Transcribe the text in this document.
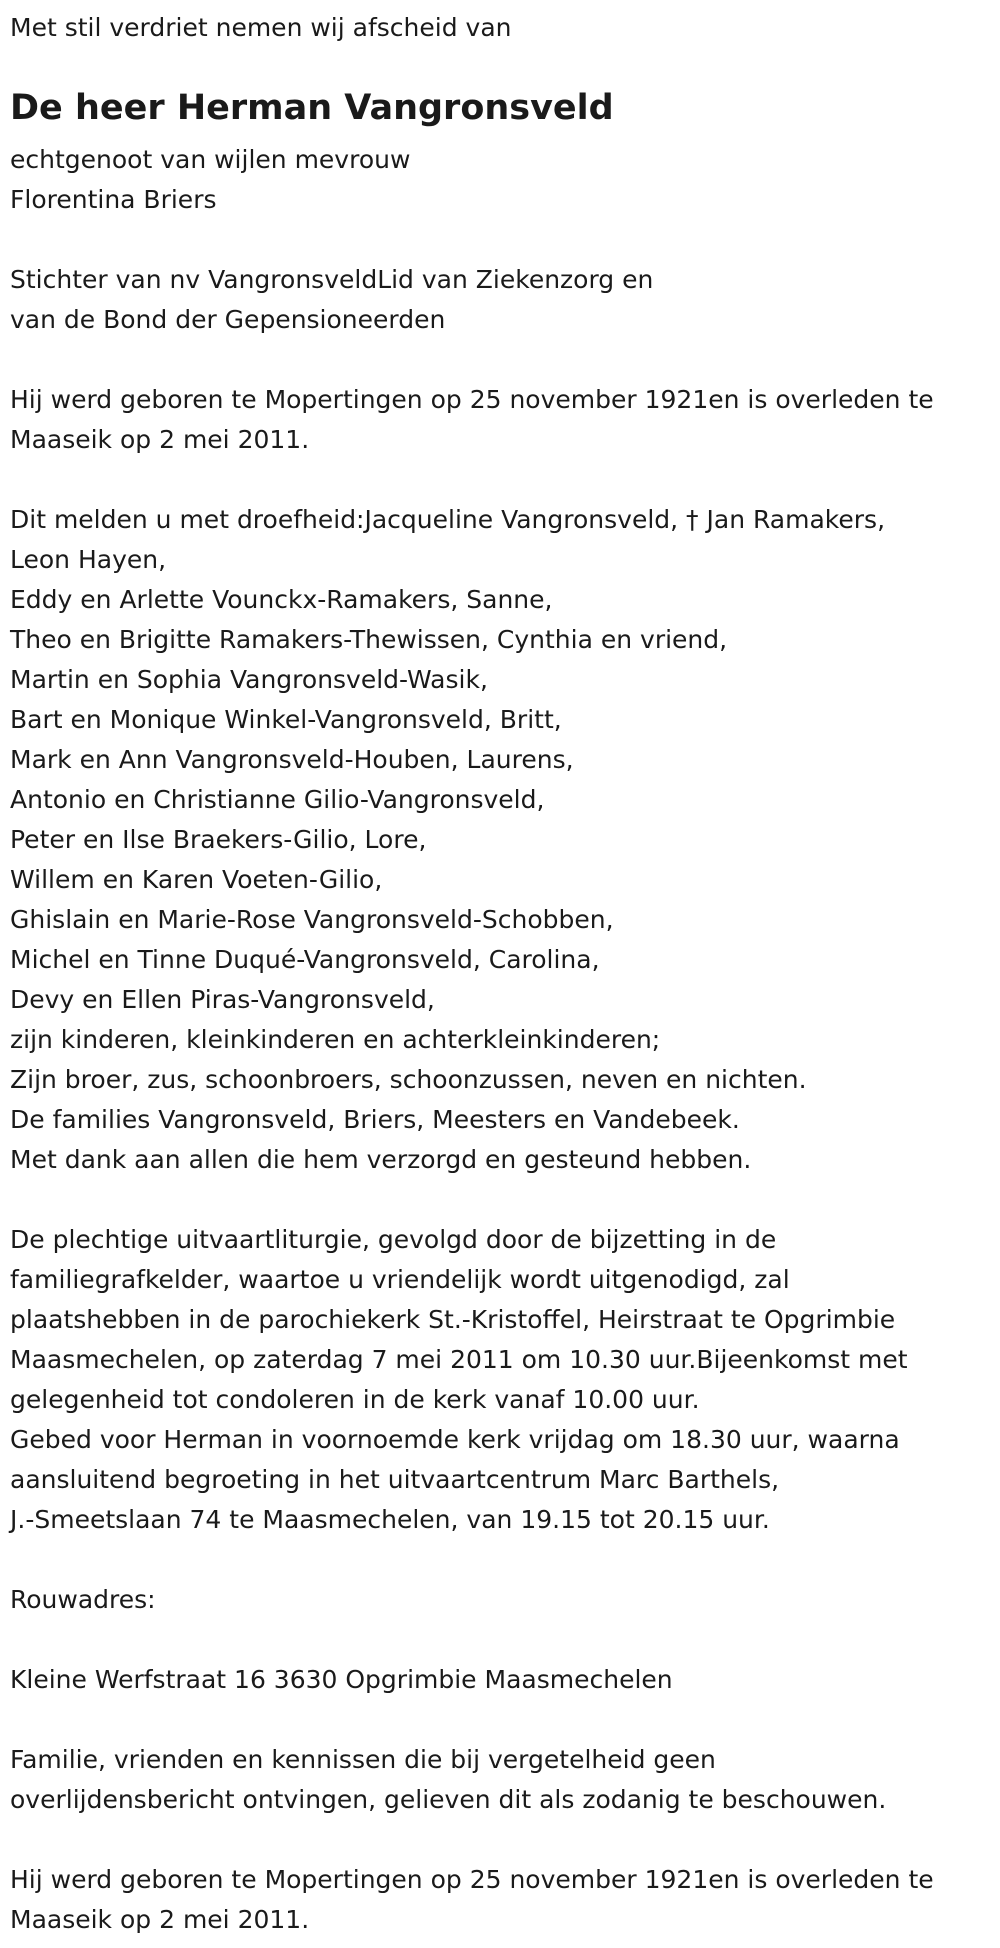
Met stil verdriet nemen wij afscheid van

De heer Herman Vangronsveld

echtgenoot van wijlen mevrouw

Florentina Briers

Stichter van nv VangronsveldLid van Ziekenzorg en

van de Bond der Gepensioneerden

Hij werd geboren te Mopertingen op 25 november 1921en is overleden te

Maaseik op 2 mei 2011.

Dit melden u met droefheid:Jacqueline Vangronsveld, † Jan Ramakers,

Leon Hayen,

Eddy en Arlette Vounckx-Ramakers, Sanne,

Theo en Brigitte Ramakers-Thewissen, Cynthia en vriend,

Martin en Sophia Vangronsveld-Wasik,

Bart en Monique Winkel-Vangronsveld, Britt,

Mark en Ann Vangronsveld-Houben, Laurens,

Antonio en Christianne Gilio-Vangronsveld,

Peter en Ilse Braekers-Gilio, Lore,

Willem en Karen Voeten-Gilio,

Ghislain en Marie-Rose Vangronsveld-Schobben,

Michel en Tinne Duqué-Vangronsveld, Carolina,

Devy en Ellen Piras-Vangronsveld,

zijn kinderen, kleinkinderen en achterkleinkinderen;

Zijn broer, zus, schoonbroers, schoonzussen, neven en nichten.

De families Vangronsveld, Briers, Meesters en Vandebeek.

Met dank aan allen die hem verzorgd en gesteund hebben.

De plechtige uitvaartliturgie, gevolgd door de bijzetting in de

familiegrafkelder, waartoe u vriendelijk wordt uitgenodigd, zal

plaatshebben in de parochiekerk St.-Kristoffel, Heirstraat te Opgrimbie

Maasmechelen, op zaterdag 7 mei 2011 om 10.30 uur.Bijeenkomst met

gelegenheid tot condoleren in de kerk vanaf 10.00 uur.

Gebed voor Herman in voornoemde kerk vrijdag om 18.30 uur, waarna

aansluitend begroeting in het uitvaartcentrum Marc Barthels,

J.-Smeetslaan 74 te Maasmechelen, van 19.15 tot 20.15 uur.

Rouwadres:

Kleine Werfstraat 16 3630 Opgrimbie Maasmechelen

Familie, vrienden en kennissen die bij vergetelheid geen

overlijdensbericht ontvingen, gelieven dit als zodanig te beschouwen.

Hij werd geboren te Mopertingen op 25 november 1921en is overleden te

Maaseik op 2 mei 2011.
